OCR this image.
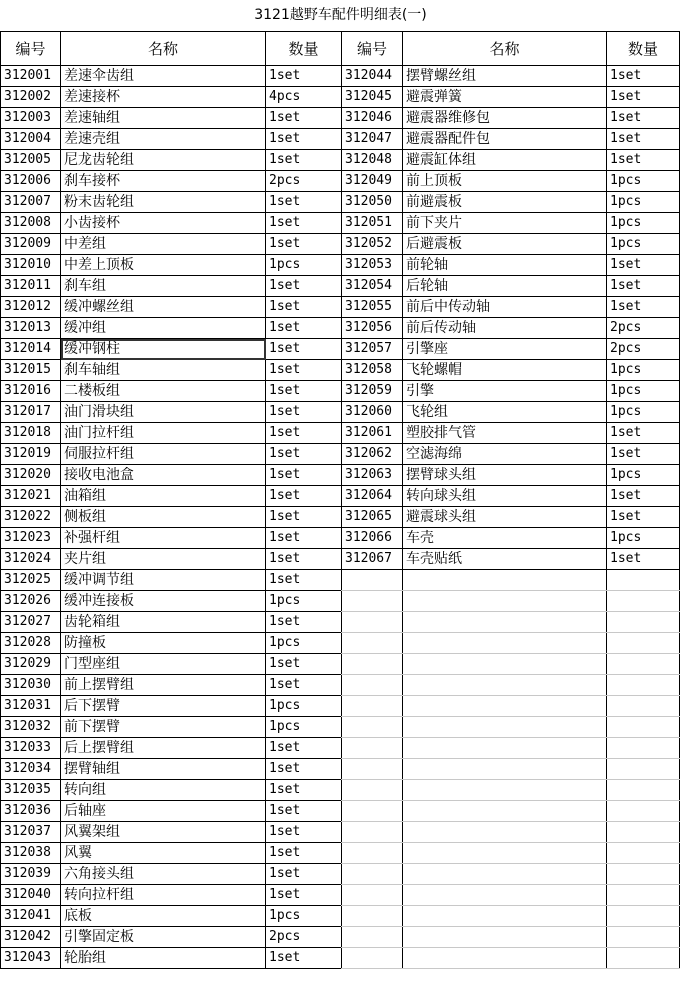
3121越野车配件明细表(一)
编号	名称	数量
312001	差速伞齿组	1set
312002	差速接杯	4pcs
312003	差速轴组	1set
312004	差速壳组	1set
312005	尼龙齿轮组	1set
312006	刹车接杯	2pcs
312007	粉末齿轮组	1set
312008	小齿接杯	1set
312009	中差组	1set
312010	中差上顶板	1pcs
312011	刹车组	1set
312012	缓冲螺丝组	1set
312013	缓冲组	1set
312014	缓冲钢柱	1set
312015	刹车轴组	1set
312016	二楼板组	1set
312017	油门滑块组	1set
312018	油门拉杆组	1set
312019	伺服拉杆组	1set
312020	接收电池盒	1set
312021	油箱组	1set
312022	侧板组	1set
312023	补强杆组	1set
312024	夹片组	1set
312025	缓冲调节组	1set
312026	缓冲连接板	1pcs
312027	齿轮箱组	1set
312028	防撞板	1pcs
312029	门型座组	1set
312030	前上摆臂组	1set
312031	后下摆臂	1pcs
312032	前下摆臂	1pcs
312033	后上摆臂组	1set
312034	摆臂轴组	1set
312035	转向组	1set
312036	后轴座	1set
312037	风翼架组	1set
312038	风翼	1set
312039	六角接头组	1set
312040	转向拉杆组	1set
312041	底板	1pcs
312042	引擎固定板	2pcs
312043	轮胎组	1set
编号	名称	数量
312044	摆臂螺丝组	1set
312045	避震弹簧	1set
312046	避震器维修包	1set
312047	避震器配件包	1set
312048	避震缸体组	1set
312049	前上顶板	1pcs
312050	前避震板	1pcs
312051	前下夹片	1pcs
312052	后避震板	1pcs
312053	前轮轴	1set
312054	后轮轴	1set
312055	前后中传动轴	1set
312056	前后传动轴	2pcs
312057	引擎座	2pcs
312058	飞轮螺帽	1pcs
312059	引擎	1pcs
312060	飞轮组	1pcs
312061	塑胶排气管	1set
312062	空滤海绵	1set
312063	摆臂球头组	1pcs
312064	转向球头组	1set
312065	避震球头组	1set
312066	车壳	1pcs
312067	车壳贴纸	1set
